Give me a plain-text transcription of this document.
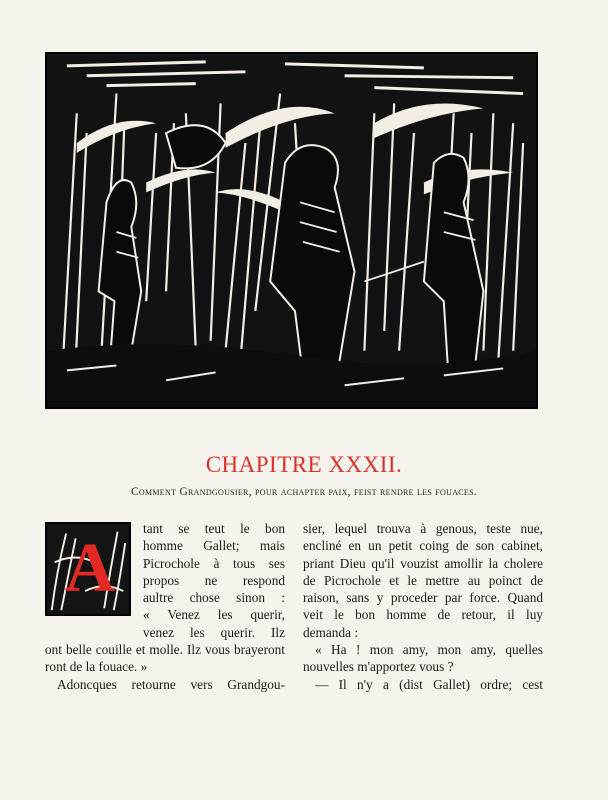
CHAPITRE XXXII.
Comment Grandgousier, pour achapter paix, feist rendre les fouaces.
A
tant se teut le bon
homme Gallet; mais
Picrochole à tous ses
propos ne respond
aultre chose sinon :
« Venez les querir,
venez les querir. Ilz
ont belle couille et molle. Ilz vous brayeront
ront de la fouace. »
Adoncques retourne vers Grandgou-
sier, lequel trouva à genous, teste nue,
encliné en un petit coing de son cabinet,
priant Dieu qu'il vouzist amollir la cholere
de Picrochole et le mettre au poinct de
raison, sans y proceder par force. Quand
veit le bon homme de retour, il luy
demanda :
« Ha ! mon amy, mon amy, quelles
nouvelles m'apportez vous ?
— Il n'y a (dist Gallet) ordre; cest
